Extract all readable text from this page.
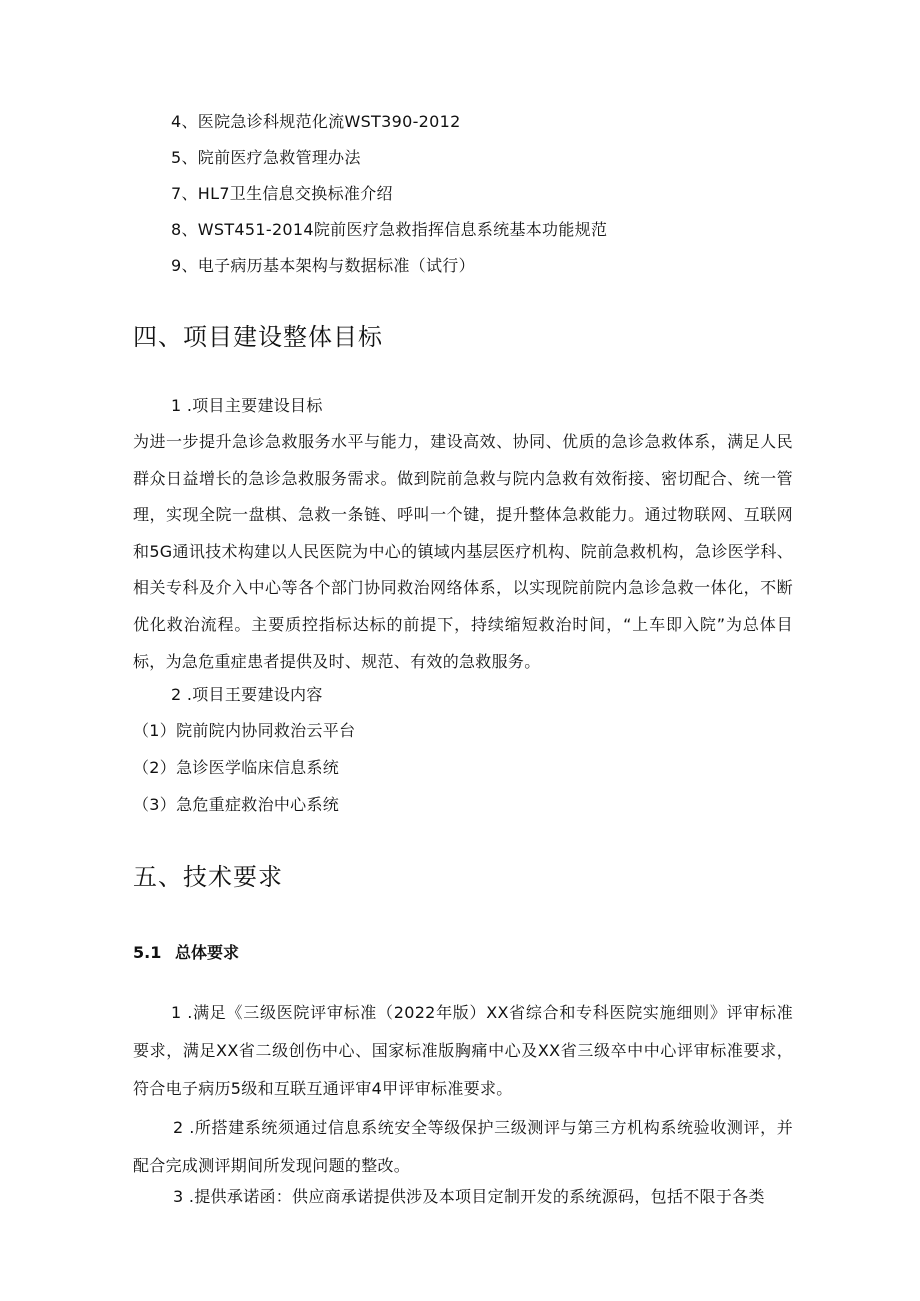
4、医院急诊科规范化流WST390-2012
5、院前医疗急救管理办法
7、HL7卫生信息交换标准介绍
8、WST451-2014院前医疗急救指挥信息系统基本功能规范
9、电子病历基本架构与数据标准（试行）
四、项目建设整体目标
1 .项目主要建设目标
为进一步提升急诊急救服务水平与能力，建设高效、协同、优质的急诊急救体系，满足人民群众日益增长的急诊急救服务需求。做到院前急救与院内急救有效衔接、密切配合、统一管理，实现全院一盘棋、急救一条链、呼叫一个键，提升整体急救能力。通过物联网、互联网和5G通讯技术构建以人民医院为中心的镇域内基层医疗机构、院前急救机构，急诊医学科、相关专科及介入中心等各个部门协同救治网络体系，以实现院前院内急诊急救一体化，不断优化救治流程。主要质控指标达标的前提下，持续缩短救治时间，“上车即入院”为总体目标，为急危重症患者提供及时、规范、有效的急救服务。
2 .项目王要建设内容
（1）院前院内协同救治云平台
（2）急诊医学临床信息系统
（3）急危重症救治中心系统
五、技术要求
5.1 总体要求
1 .满足《三级医院评审标准（2022年版）XX省综合和专科医院实施细则》评审标准要求，满足XX省二级创伤中心、国家标准版胸痛中心及XX省三级卒中中心评审标准要求，符合电子病历5级和互联互通评审4甲评审标准要求。
2 .所搭建系统须通过信息系统安全等级保护三级测评与第三方机构系统验收测评，并配合完成测评期间所发现问题的整改。
3 .提供承诺函：供应商承诺提供涉及本项目定制开发的系统源码，包括不限于各类
